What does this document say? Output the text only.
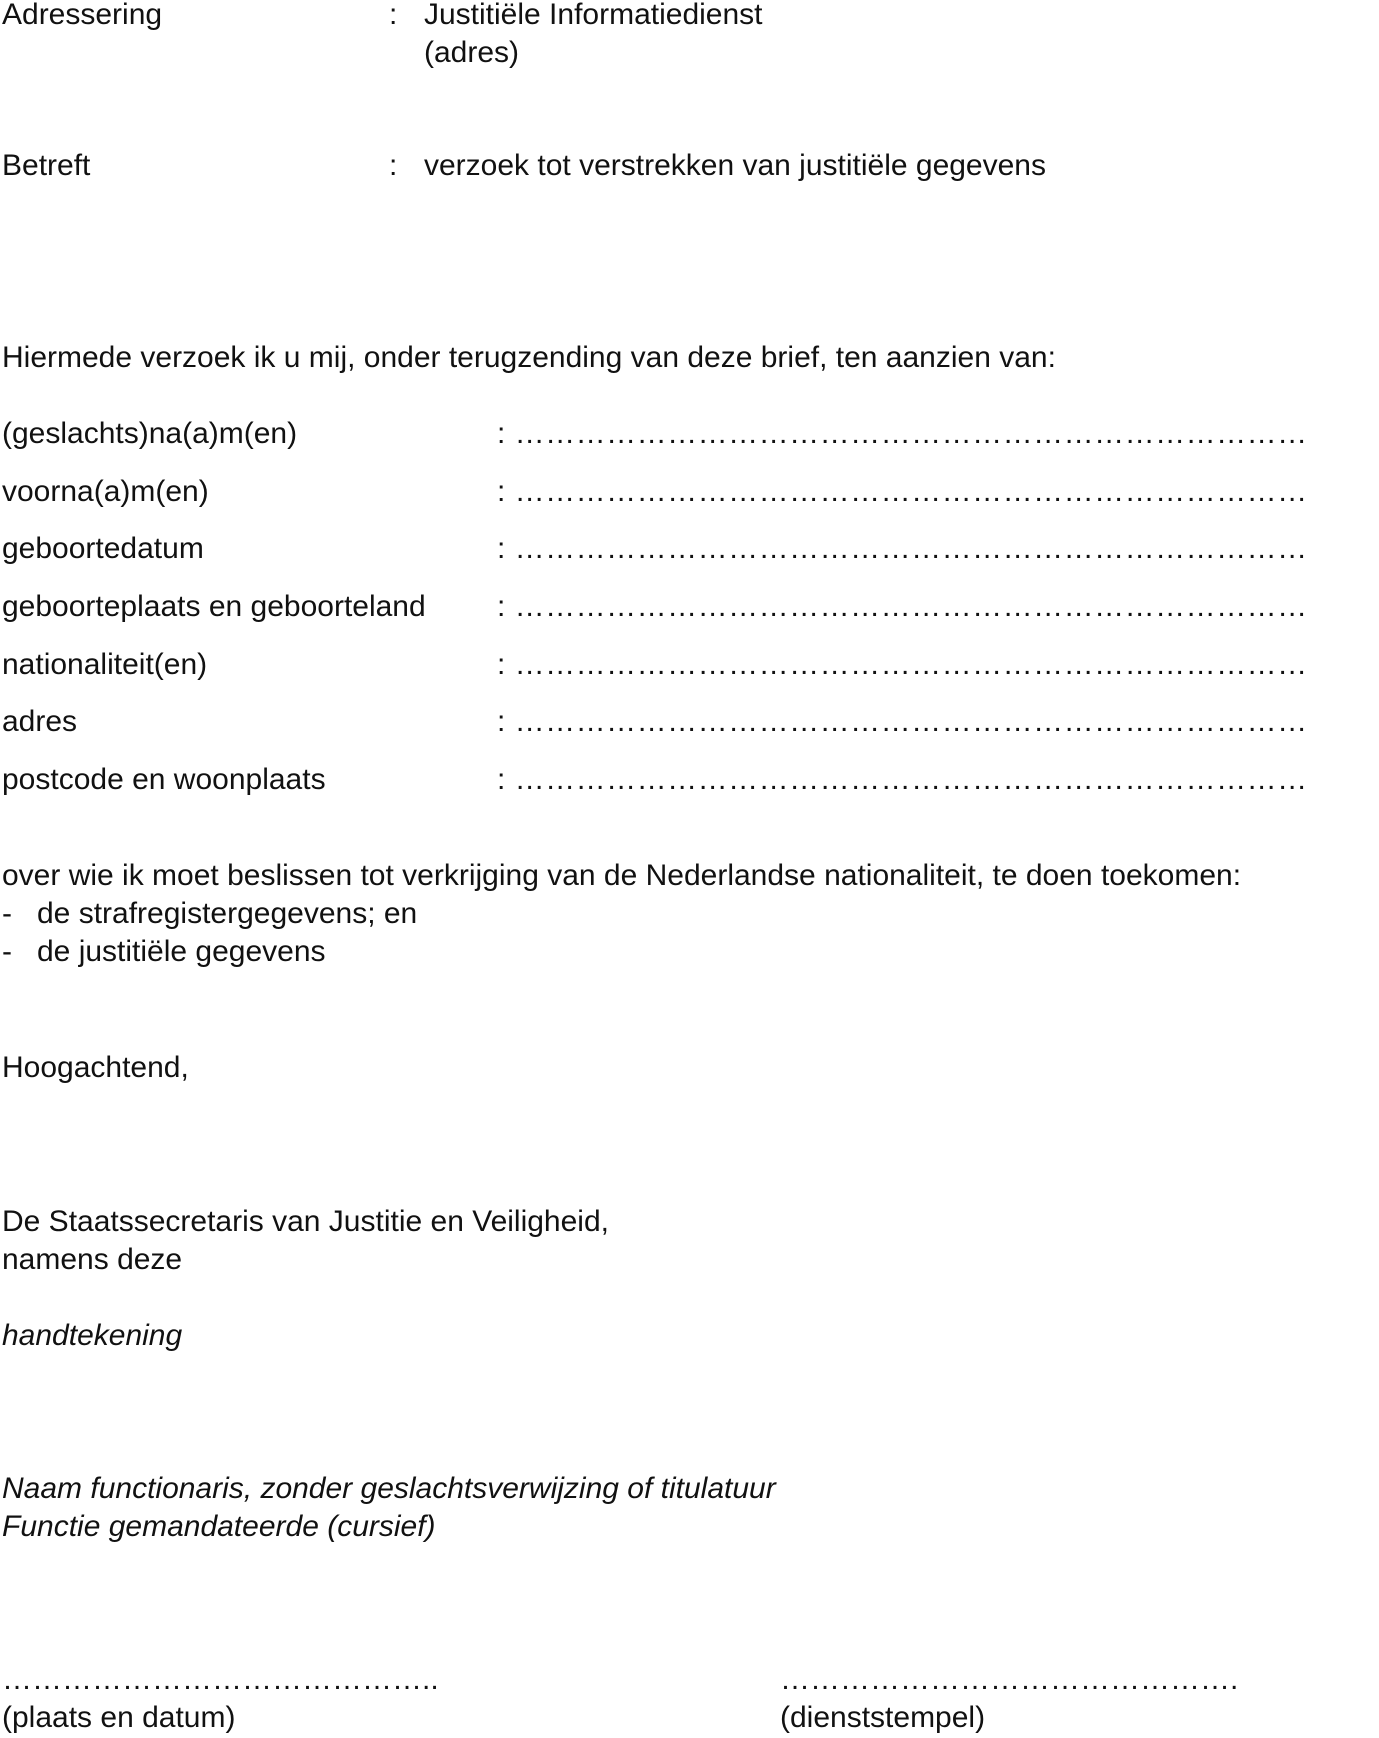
Adressering	: Justitiële Informatiedienst
(adres)
Betreft	: verzoek tot verstrekken van justitiële gegevens
Hiermede verzoek ik u mij, onder terugzending van deze brief, ten aanzien van:
(geslachts)na(a)m(en)	: ……………………………………………………………………
voorna(a)m(en)	: ……………………………………………………………………
geboortedatum	: ……………………………………………………………………
geboorteplaats en geboorteland : ……………………………………………………………………
nationaliteit(en)	: ……………………………………………………………………
adres	: ……………………………………………………………………
postcode en woonplaats	: ……………………………………………………………………
over wie ik moet beslissen tot verkrijging van de Nederlandse nationaliteit, te doen toekomen:
- de strafregistergegevens; en
- de justitiële gegevens
Hoogachtend,
De Staatssecretaris van Justitie en Veiligheid,
namens deze
handtekening
Naam functionaris, zonder geslachtsverwijzing of titulatuur
Functie gemandateerde (cursief)
……………………………………..
(plaats en datum)
……………………………………….
(dienststempel)
